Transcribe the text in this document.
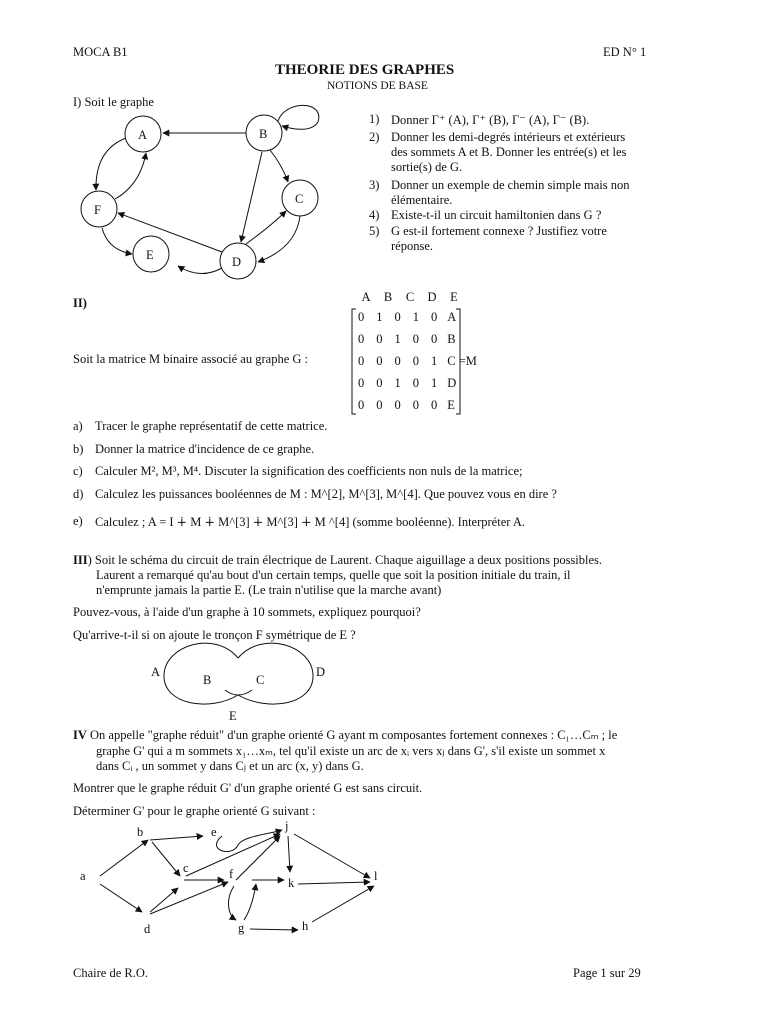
MOCA B1	ED N° 1
THEORIE DES GRAPHES
NOTIONS DE BASE
I) Soit le graphe
1) Donner Γ⁺ (A), Γ⁺ (B), Γ⁻ (A), Γ⁻ (B).
2) Donner les demi-degrés intérieurs et extérieurs des sommets A et B. Donner les entrée(s) et les sortie(s) de G.
3) Donner un exemple de chemin simple mais non élémentaire.
4) Existe-t-il un circuit hamiltonien dans G ?
5) G est-il fortement connexe ? Justifiez votre réponse.
A	B
C
D
E
F
A
B	C
D
E
a
b
c
d
e
f
g	h
j
k	l
II)	A	B	C	D	E
Soit la matrice M binaire associé au graphe G :
0	1	0	1	0	A
0	0	1	0	0	B
0	0	0	0	1	C =M
0	0	1	0	1	D
0	0	0	0	0	E
a) Tracer le graphe représentatif de cette matrice.
b) Donner la matrice d'incidence de ce graphe.
c) Calculer M², M³, M⁴. Discuter la signification des coefficients non nuls de la matrice;
d) Calculez les puissances booléennes de M : M^[2], M^[3], M^[4]. Que pouvez vous en dire ?
e) Calculez ; A = I ∔ M ∔ M^[3] ∔ M^[3] ∔ M ^[4] (somme booléenne). Interpréter A.
III) Soit le schéma du circuit de train électrique de Laurent. Chaque aiguillage a deux positions possibles.
Laurent a remarqué qu'au bout d'un certain temps, quelle que soit la position initiale du train, il
n'emprunte jamais la partie E. (Le train n'utilise que la marche avant)
Pouvez-vous, à l'aide d'un graphe à 10 sommets, expliquez pourquoi?
Qu'arrive-t-il si on ajoute le tronçon F symétrique de E ?
IV On appelle "graphe réduit" d'un graphe orienté G ayant m composantes fortement connexes : C₁…Cₘ ; le
graphe G' qui a m sommets x₁…xₘ, tel qu'il existe un arc de xᵢ vers xⱼ dans G', s'il existe un sommet x
dans Cᵢ , un sommet y dans Cⱼ et un arc (x, y) dans G.
Montrer que le graphe réduit G' d'un graphe orienté G est sans circuit.
Déterminer G' pour le graphe orienté G suivant :
Chaire de R.O.	Page 1 sur 29
